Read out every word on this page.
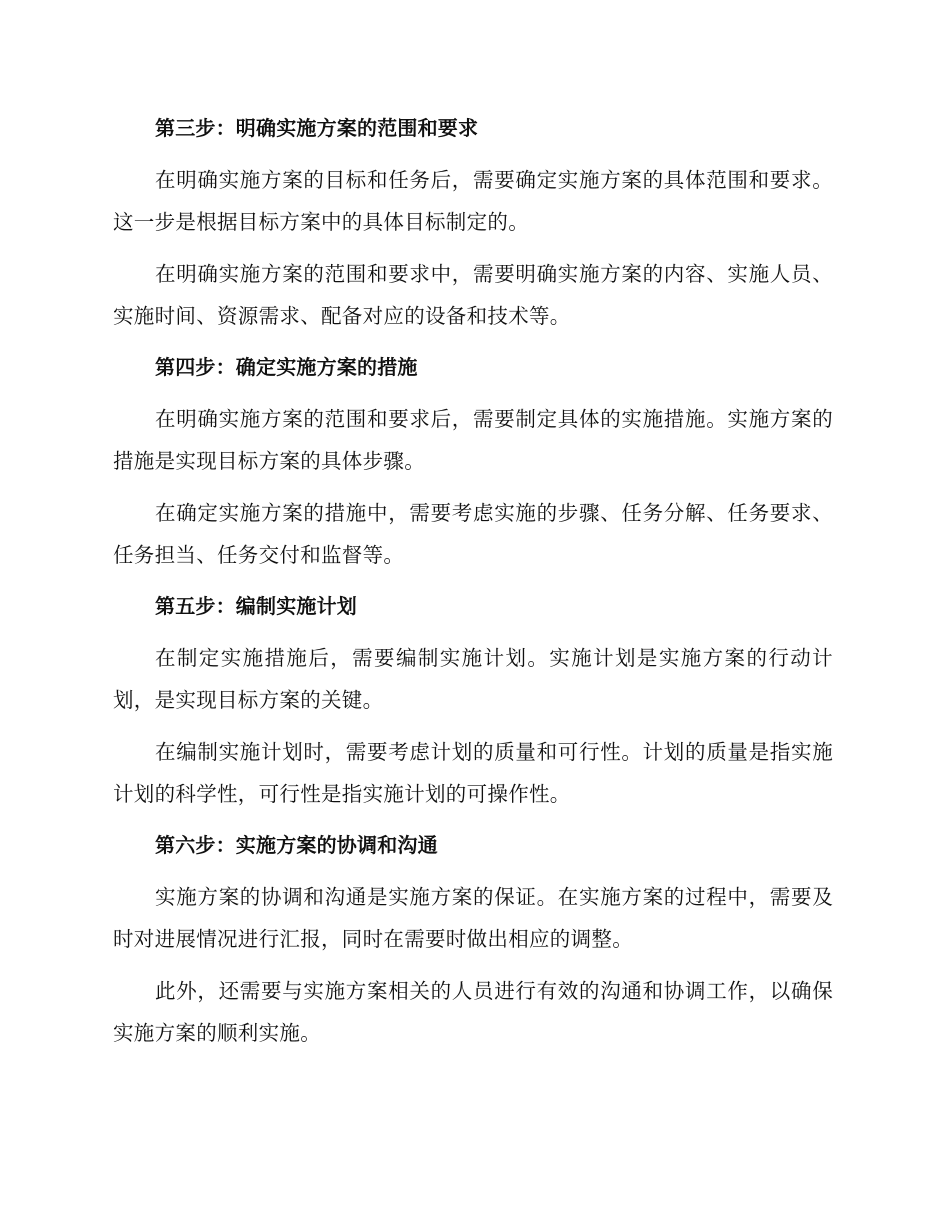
第三步：明确实施方案的范围和要求

在明确实施方案的目标和任务后，需要确定实施方案的具体范围和要求。这一步是根据目标方案中的具体目标制定的。

在明确实施方案的范围和要求中，需要明确实施方案的内容、实施人员、实施时间、资源需求、配备对应的设备和技术等。

第四步：确定实施方案的措施

在明确实施方案的范围和要求后，需要制定具体的实施措施。实施方案的措施是实现目标方案的具体步骤。

在确定实施方案的措施中，需要考虑实施的步骤、任务分解、任务要求、任务担当、任务交付和监督等。

第五步：编制实施计划

在制定实施措施后，需要编制实施计划。实施计划是实施方案的行动计划，是实现目标方案的关键。

在编制实施计划时，需要考虑计划的质量和可行性。计划的质量是指实施计划的科学性，可行性是指实施计划的可操作性。

第六步：实施方案的协调和沟通

实施方案的协调和沟通是实施方案的保证。在实施方案的过程中，需要及时对进展情况进行汇报，同时在需要时做出相应的调整。

此外，还需要与实施方案相关的人员进行有效的沟通和协调工作，以确保实施方案的顺利实施。
